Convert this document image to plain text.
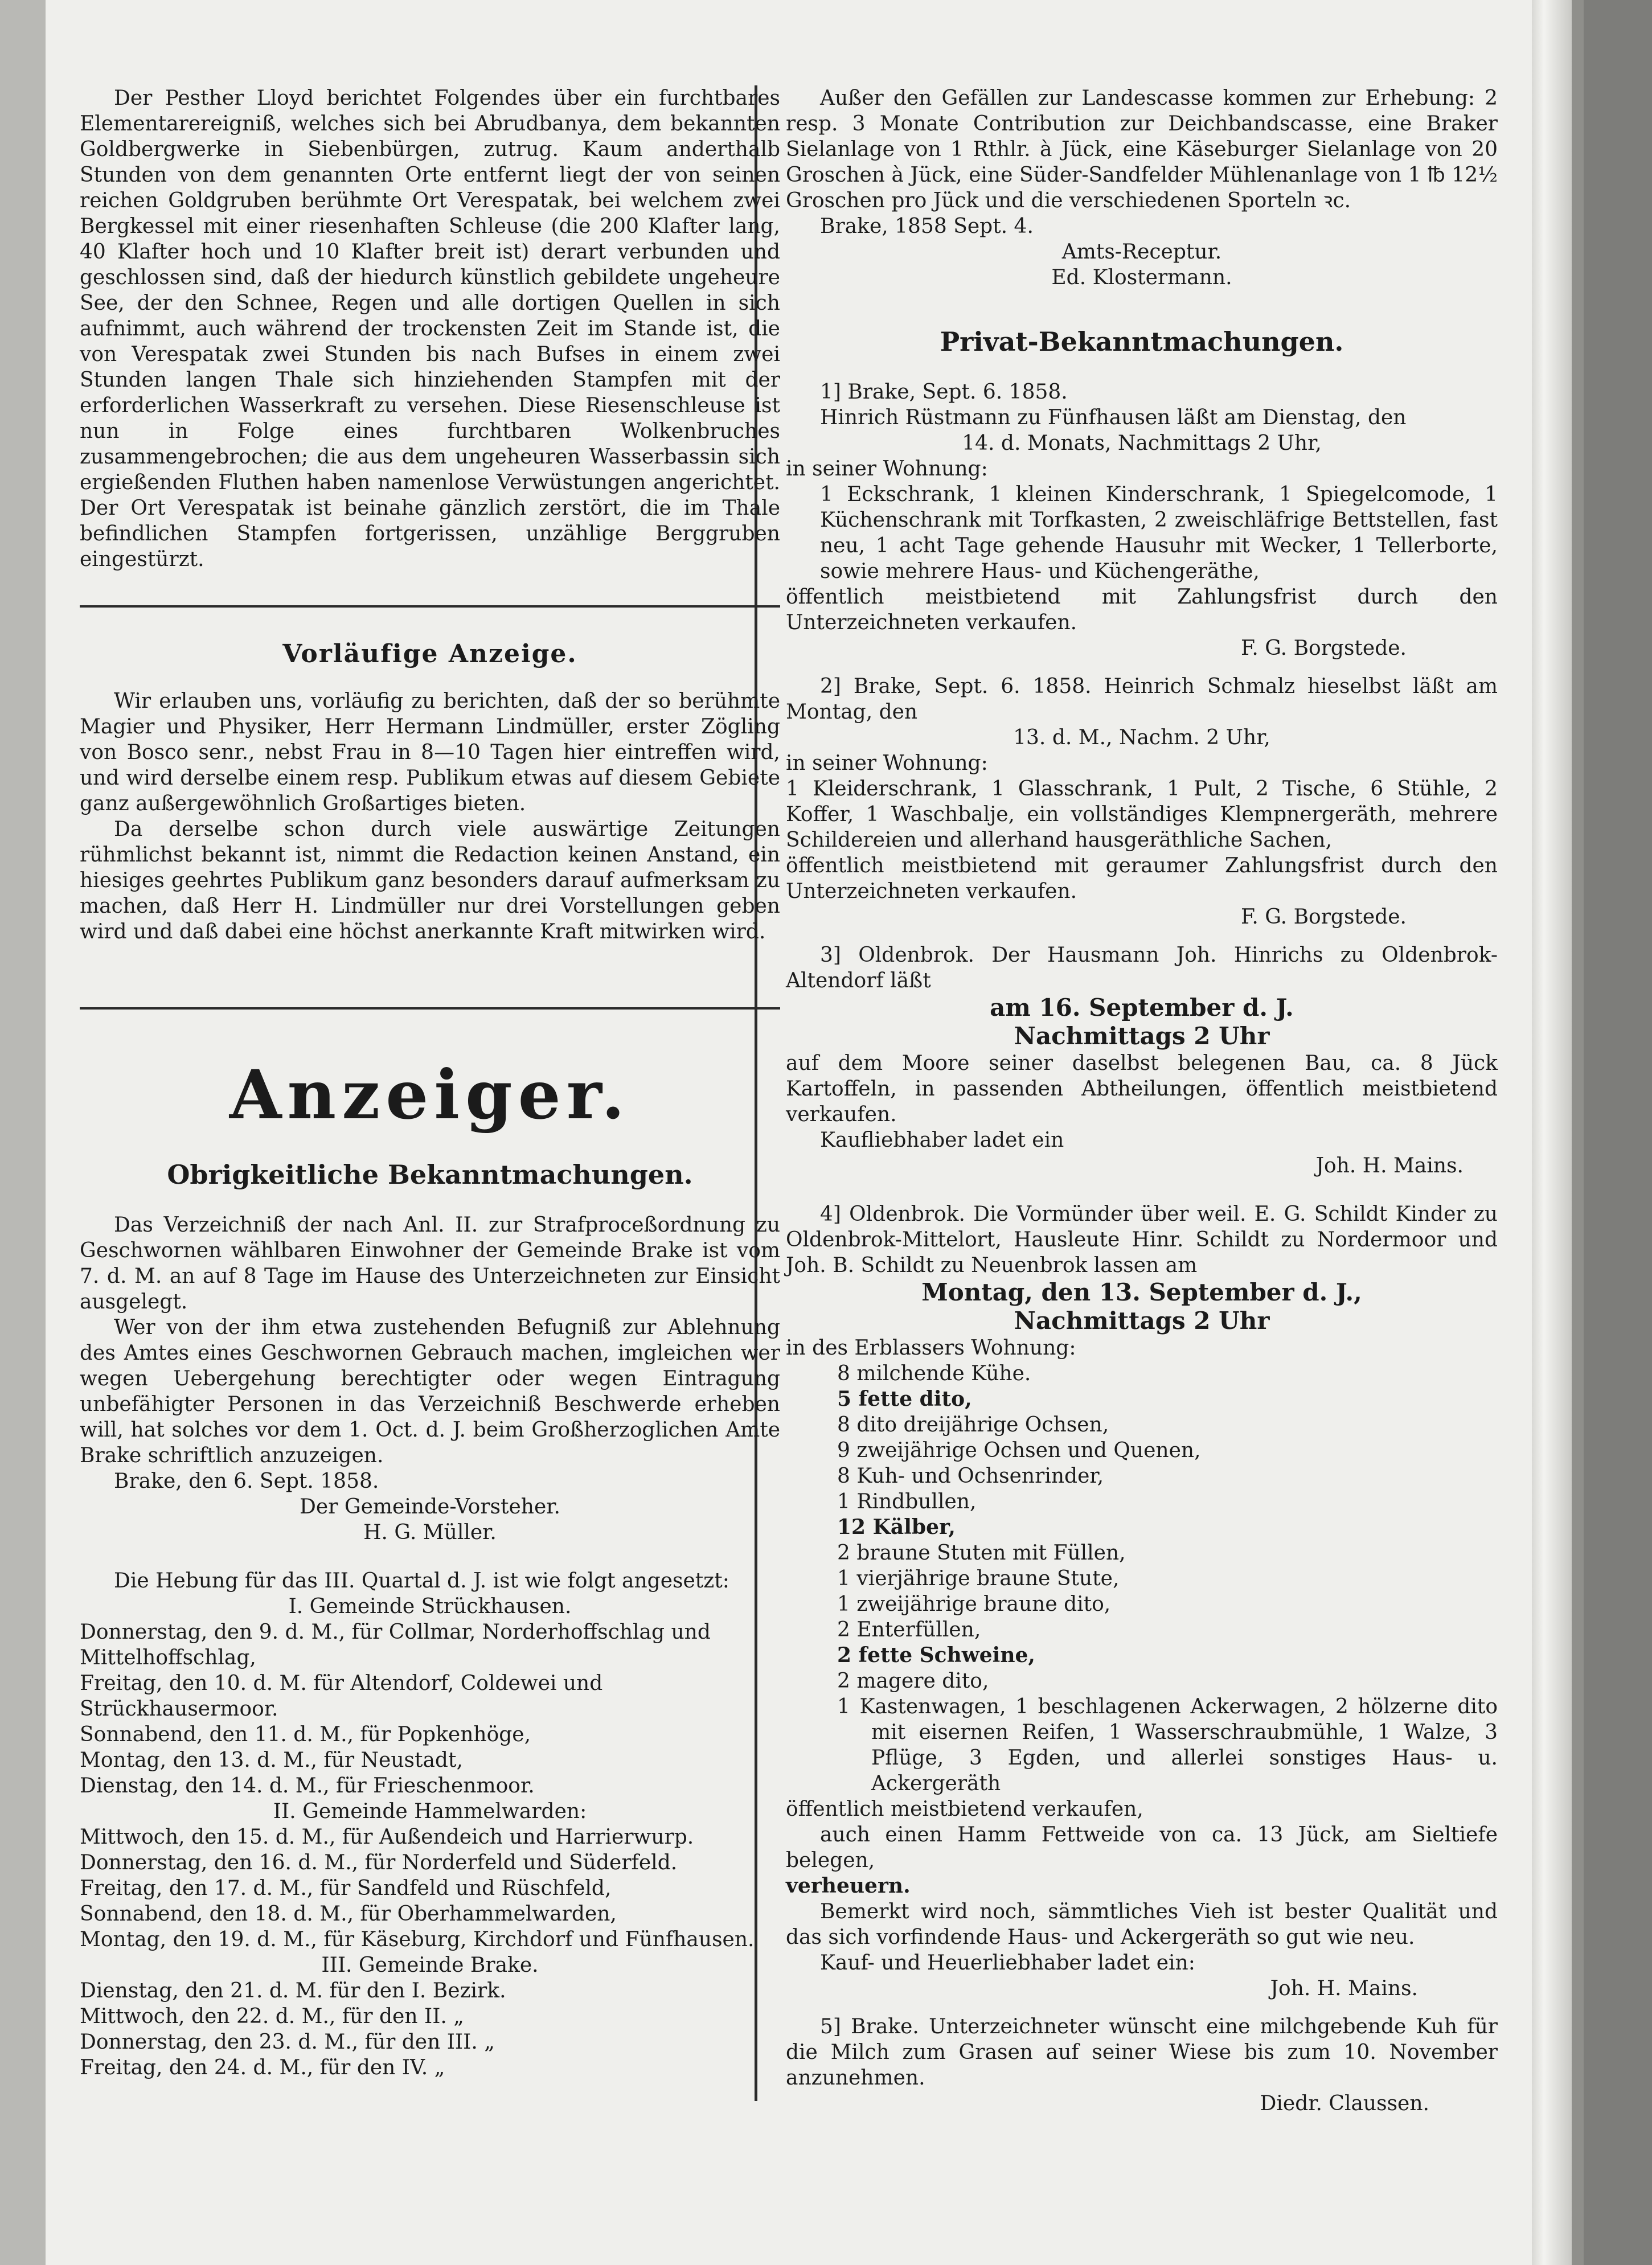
Der Pesther Lloyd berichtet Folgendes über ein furchtbares Elementarereigniß, welches sich bei Abrudbanya, dem bekannten Goldbergwerke in Siebenbürgen, zutrug. Kaum anderthalb Stunden von dem genannten Orte entfernt liegt der von seinen reichen Goldgruben berühmte Ort Verespatak, bei welchem zwei Bergkessel mit einer riesenhaften Schleuse (die 200 Klafter lang, 40 Klafter hoch und 10 Klafter breit ist) derart verbunden und geschlossen sind, daß der hiedurch künstlich gebildete ungeheure See, der den Schnee, Regen und alle dortigen Quellen in sich aufnimmt, auch während der trockensten Zeit im Stande ist, die von Verespatak zwei Stunden bis nach Bufses in einem zwei Stunden langen Thale sich hinziehenden Stampfen mit der erforderlichen Wasserkraft zu versehen. Diese Riesenschleuse ist nun in Folge eines furchtbaren Wolkenbruches zusammengebrochen; die aus dem ungeheuren Wasserbassin sich ergießenden Fluthen haben namenlose Verwüstungen angerichtet. Der Ort Verespatak ist beinahe gänzlich zerstört, die im Thale befindlichen Stampfen fortgerissen, unzählige Berggruben eingestürzt.

Vorläufige Anzeige.

Wir erlauben uns, vorläufig zu berichten, daß der so berühmte Magier und Physiker, Herr Hermann Lindmüller, erster Zögling von Bosco senr., nebst Frau in 8—10 Tagen hier eintreffen wird, und wird derselbe einem resp. Publikum etwas auf diesem Gebiete ganz außergewöhnlich Großartiges bieten.

Da derselbe schon durch viele auswärtige Zeitungen rühmlichst bekannt ist, nimmt die Redaction keinen Anstand, ein hiesiges geehrtes Publikum ganz besonders darauf aufmerksam zu machen, daß Herr H. Lindmüller nur drei Vorstellungen geben wird und daß dabei eine höchst anerkannte Kraft mitwirken wird.

Anzeiger.
Obrigkeitliche Bekanntmachungen.

Das Verzeichniß der nach Anl. II. zur Strafproceßordnung zu Geschwornen wählbaren Einwohner der Gemeinde Brake ist vom 7. d. M. an auf 8 Tage im Hause des Unterzeichneten zur Einsicht ausgelegt.

Wer von der ihm etwa zustehenden Befugniß zur Ablehnung des Amtes eines Geschwornen Gebrauch machen, imgleichen wer wegen Uebergehung berechtigter oder wegen Eintragung unbefähigter Personen in das Verzeichniß Beschwerde erheben will, hat solches vor dem 1. Oct. d. J. beim Großherzoglichen Amte Brake schriftlich anzuzeigen.

Brake, den 6. Sept. 1858.

Der Gemeinde-Vorsteher.

H. G. Müller.

Die Hebung für das III. Quartal d. J. ist wie folgt angesetzt:

I. Gemeinde Strückhausen.

Donnerstag, den 9. d. M., für Collmar, Norderhoffschlag und Mittelhoffschlag,

Freitag, den 10. d. M. für Altendorf, Coldewei und Strückhausermoor.

Sonnabend, den 11. d. M., für Popkenhöge,

Montag, den 13. d. M., für Neustadt,

Dienstag, den 14. d. M., für Frieschenmoor.

II. Gemeinde Hammelwarden:

Mittwoch, den 15. d. M., für Außendeich und Harrierwurp.

Donnerstag, den 16. d. M., für Norderfeld und Süderfeld.

Freitag, den 17. d. M., für Sandfeld und Rüschfeld,

Sonnabend, den 18. d. M., für Oberhammelwarden,

Montag, den 19. d. M., für Käseburg, Kirchdorf und Fünfhausen.

III. Gemeinde Brake.

Dienstag, den 21. d. M. für den I. Bezirk.

Mittwoch, den 22. d. M., für den II. „

Donnerstag, den 23. d. M., für den III. „

Freitag, den 24. d. M., für den IV. „

Außer den Gefällen zur Landescasse kommen zur Erhebung: 2 resp. 3 Monate Contribution zur Deichbandscasse, eine Braker Sielanlage von 1 Rthlr. à Jück, eine Käseburger Sielanlage von 20 Groschen à Jück, eine Süder-Sandfelder Mühlenanlage von 1 ℔ 12½ Groschen pro Jück und die verschiedenen Sporteln ꝛc.

Brake, 1858 Sept. 4.

Amts-Receptur.

Ed. Klostermann.

Privat-Bekanntmachungen.

1] Brake, Sept. 6. 1858.

Hinrich Rüstmann zu Fünfhausen läßt am Dienstag, den

14. d. Monats, Nachmittags 2 Uhr,

in seiner Wohnung:

1 Eckschrank, 1 kleinen Kinderschrank, 1 Spiegelcomode, 1 Küchenschrank mit Torfkasten, 2 zweischläfrige Bettstellen, fast neu, 1 acht Tage gehende Hausuhr mit Wecker, 1 Tellerborte, sowie mehrere Haus- und Küchengeräthe,

öffentlich meistbietend mit Zahlungsfrist durch den Unterzeichneten verkaufen.

F. G. Borgstede.

2] Brake, Sept. 6. 1858. Heinrich Schmalz hieselbst läßt am Montag, den

13. d. M., Nachm. 2 Uhr,

in seiner Wohnung:

1 Kleiderschrank, 1 Glasschrank, 1 Pult, 2 Tische, 6 Stühle, 2 Koffer, 1 Waschbalje, ein vollständiges Klempnergeräth, mehrere Schildereien und allerhand hausgeräthliche Sachen,

öffentlich meistbietend mit geraumer Zahlungsfrist durch den Unterzeichneten verkaufen.

F. G. Borgstede.

3] Oldenbrok. Der Hausmann Joh. Hinrichs zu Oldenbrok-Altendorf läßt

am 16. September d. J.

Nachmittags 2 Uhr

auf dem Moore seiner daselbst belegenen Bau, ca. 8 Jück Kartoffeln, in passenden Abtheilungen, öffentlich meistbietend verkaufen.

Kaufliebhaber ladet ein

Joh. H. Mains.

4] Oldenbrok. Die Vormünder über weil. E. G. Schildt Kinder zu Oldenbrok-Mittelort, Hausleute Hinr. Schildt zu Nordermoor und Joh. B. Schildt zu Neuenbrok lassen am

Montag, den 13. September d. J.,

Nachmittags 2 Uhr

in des Erblassers Wohnung:

8 milchende Kühe.

5 fette dito,

8 dito dreijährige Ochsen,

9 zweijährige Ochsen und Quenen,

8 Kuh- und Ochsenrinder,

1 Rindbullen,

12 Kälber,

2 braune Stuten mit Füllen,

1 vierjährige braune Stute,

1 zweijährige braune dito,

2 Enterfüllen,

2 fette Schweine,

2 magere dito,

1 Kastenwagen, 1 beschlagenen Ackerwagen, 2 hölzerne dito mit eisernen Reifen, 1 Wasserschraubmühle, 1 Walze, 3 Pflüge, 3 Egden, und allerlei sonstiges Haus- u. Ackergeräth

öffentlich meistbietend verkaufen,

auch einen Hamm Fettweide von ca. 13 Jück, am Sieltiefe belegen,

verheuern.

Bemerkt wird noch, sämmtliches Vieh ist bester Qualität und das sich vorfindende Haus- und Ackergeräth so gut wie neu.

Kauf- und Heuerliebhaber ladet ein:

Joh. H. Mains.

5] Brake. Unterzeichneter wünscht eine milchgebende Kuh für die Milch zum Grasen auf seiner Wiese bis zum 10. November anzunehmen.

Diedr. Claussen.
